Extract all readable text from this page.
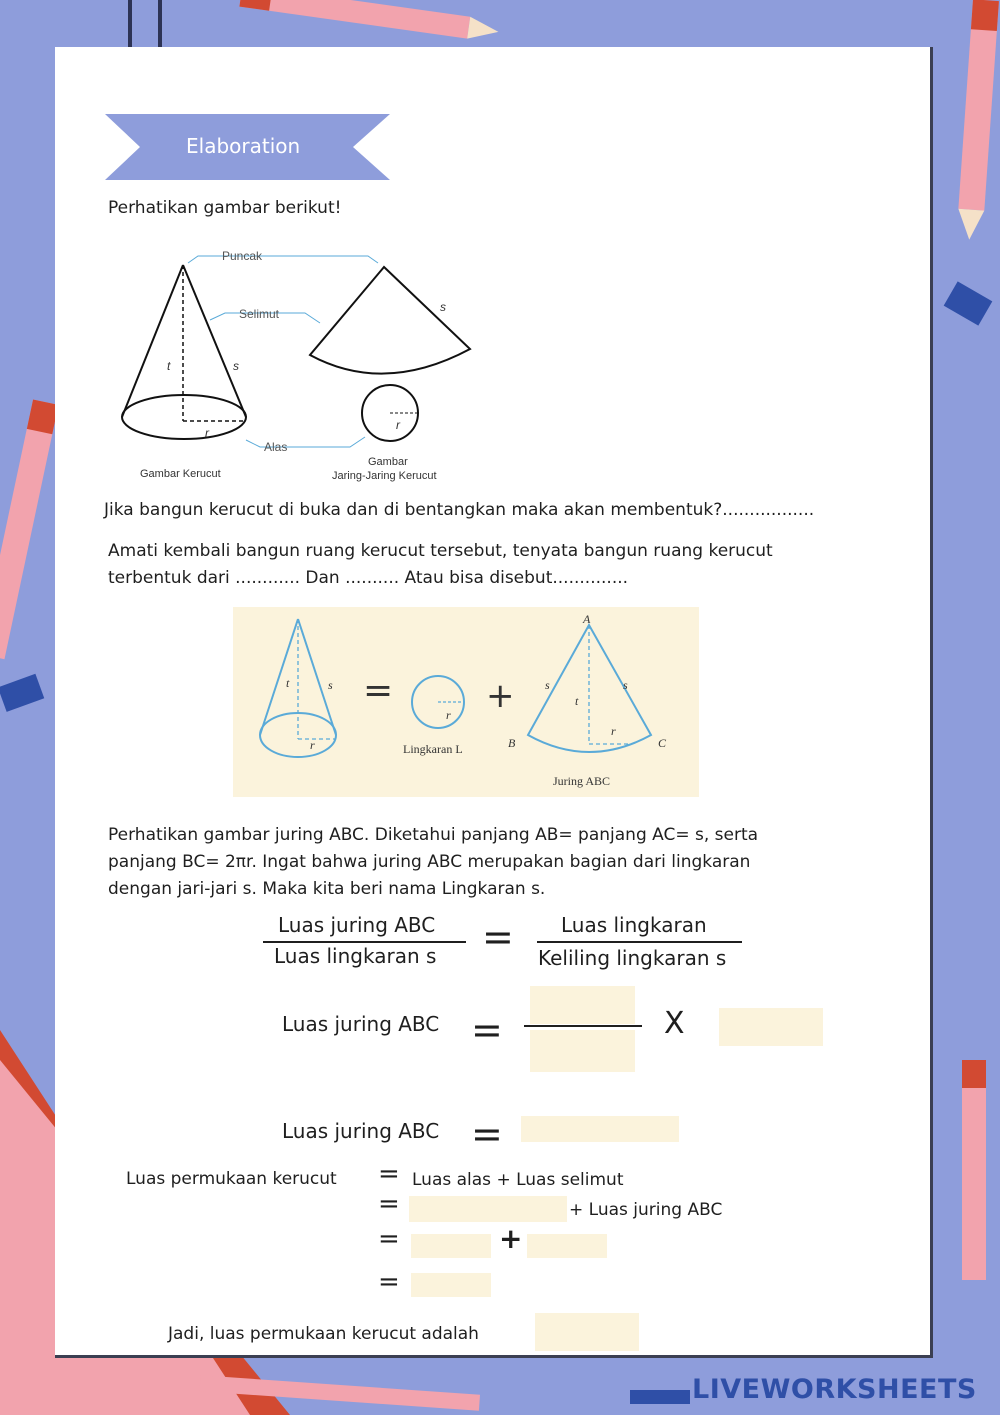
Elaboration
Perhatikan gambar berikut!
t	s
r
s
r
Puncak
Selimut
Alas
Gambar Kerucut
Gambar
Jaring-Jaring Kerucut
Jika bangun kerucut di buka dan di bentangkan maka akan membentuk?.................
Amati kembali bangun ruang kerucut tersebut, tenyata bangun ruang kerucut
terbentuk dari ............ Dan .......... Atau bisa disebut..............
t	s
r
r
s	s
t
r
A
B	C
Lingkaran L
Juring ABC
=	+
Perhatikan gambar juring ABC. Diketahui panjang AB= panjang AC= s, serta
panjang BC= 2πr. Ingat bahwa juring ABC merupakan bagian dari lingkaran
dengan jari-jari s. Maka kita beri nama Lingkaran s.
Luas juring ABC
Luas lingkaran s = Luas lingkaran
Keliling lingkaran s
Luas juring ABC =	X
Luas juring ABC =
Luas permukaan kerucut = Luas alas + Luas selimut
=	+ Luas juring ABC
=	+
=
Jadi, luas permukaan kerucut adalah
LIVEWORKSHEETS
